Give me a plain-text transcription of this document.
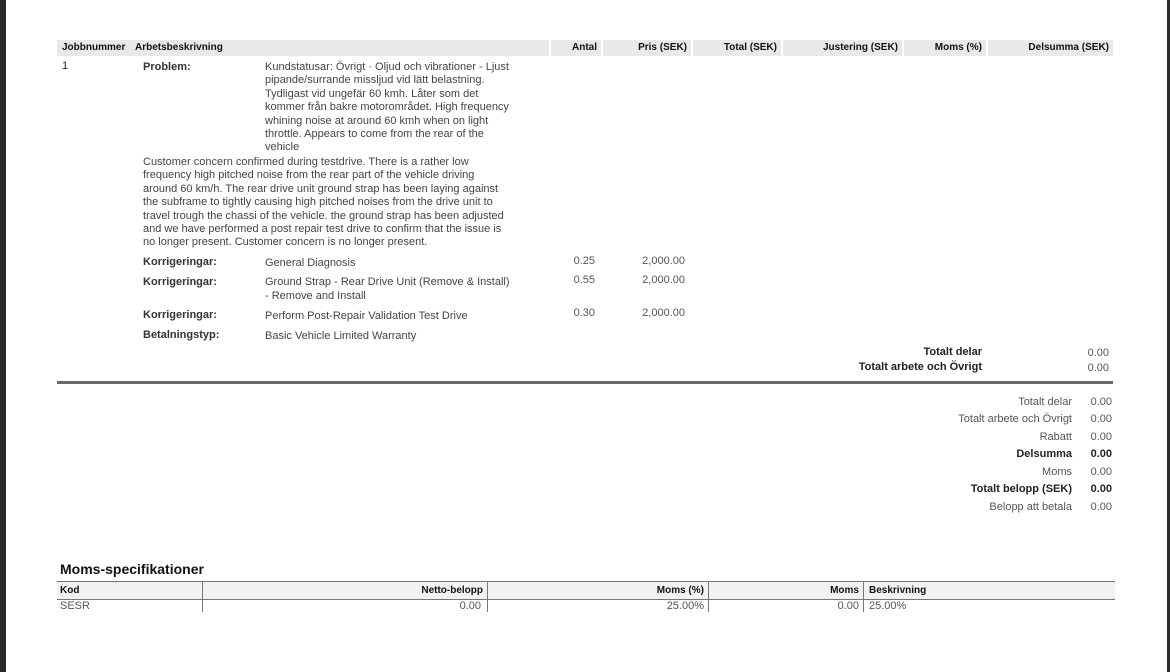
Jobbnummer Arbetsbeskrivning	Antal	Pris (SEK)	Total (SEK)	Justering (SEK)	Moms (%)	Delsumma (SEK)
1	Problem:	Kundstatusar: Övrigt · Oljud och vibrationer - Ljust
pipande/surrande missljud vid lätt belastning.
Tydligast vid ungefär 60 kmh. Låter som det
kommer från bakre motorområdet. High frequency
whining noise at around 60 kmh when on light
throttle. Appears to come from the rear of the
vehicle
Customer concern confirmed during testdrive. There is a rather low
frequency high pitched noise from the rear part of the vehicle driving
around 60 km/h. The rear drive unit ground strap has been laying against
the subframe to tightly causing high pitched noises from the drive unit to
travel trough the chassi of the vehicle. the ground strap has been adjusted
and we have performed a post repair test drive to confirm that the issue is
no longer present. Customer concern is no longer present.
Korrigeringar:	General Diagnosis	0.25	2,000.00
Korrigeringar:	Ground Strap - Rear Drive Unit (Remove & Install)
- Remove and Install
0.55	2,000.00
Korrigeringar:	Perform Post-Repair Validation Test Drive	0.30	2,000.00
Betalningstyp:	Basic Vehicle Limited Warranty
Totalt delar	0.00
Totalt arbete och Övrigt	0.00
Totalt delar 0.00
Totalt arbete och Övrigt 0.00
Rabatt 0.00
Delsumma 0.00
Moms 0.00
Totalt belopp (SEK) 0.00
Belopp att betala 0.00
Moms-specifikationer
Kod	Netto-belopp	Moms (%)	Moms Beskrivning
SESR	0.00	25.00%	0.00 25.00%
